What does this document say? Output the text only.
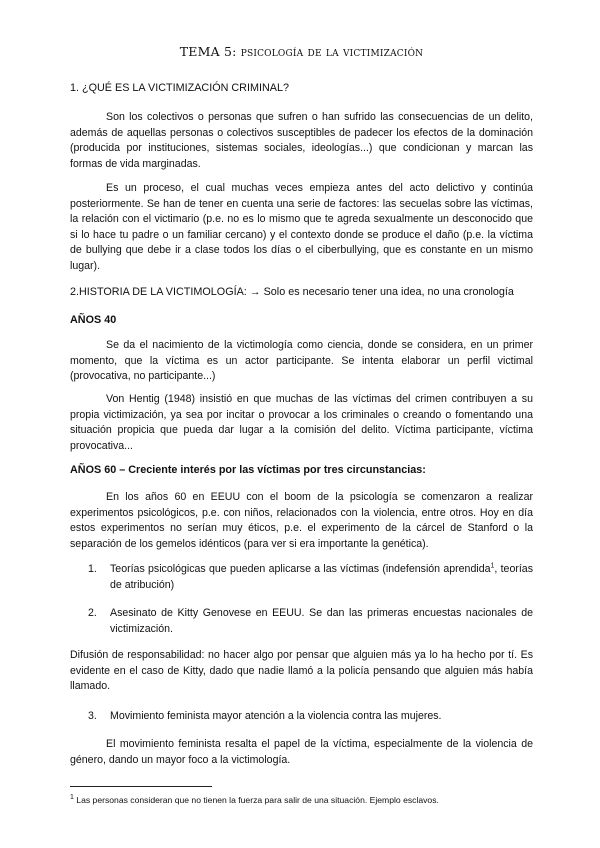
TEMA 5: psicología de la victimización

1. ¿QUÉ ES LA VICTIMIZACIÓN CRIMINAL?

Son los colectivos o personas que sufren o han sufrido las consecuencias de un delito, además de aquellas personas o colectivos susceptibles de padecer los efectos de la dominación (producida por instituciones, sistemas sociales, ideologías...) que condicionan y marcan las formas de vida marginadas.

Es un proceso, el cual muchas veces empieza antes del acto delictivo y continúa posteriormente. Se han de tener en cuenta una serie de factores: las secuelas sobre las víctimas, la relación con el victimario (p.e. no es lo mismo que te agreda sexualmente un desconocido que si lo hace tu padre o un familiar cercano) y el contexto donde se produce el daño (p.e. la víctima de bullying que debe ir a clase todos los días o el ciberbullying, que es constante en un mismo lugar).

2.HISTORIA DE LA VICTIMOLOGÍA: → Solo es necesario tener una idea, no una cronología

AÑOS 40

Se da el nacimiento de la victimología como ciencia, donde se considera, en un primer momento, que la víctima es un actor participante. Se intenta elaborar un perfil victimal (provocativa, no participante...)

Von Hentig (1948) insistió en que muchas de las víctimas del crimen contribuyen a su propia victimización, ya sea por incitar o provocar a los criminales o creando o fomentando una situación propicia que pueda dar lugar a la comisión del delito. Víctima participante, víctima provocativa...

AÑOS 60 – Creciente interés por las víctimas por tres circunstancias:

En los años 60 en EEUU con el boom de la psicología se comenzaron a realizar experimentos psicológicos, p.e. con niños, relacionados con la violencia, entre otros. Hoy en día estos experimentos no serían muy éticos, p.e. el experimento de la cárcel de Stanford o la separación de los gemelos idénticos (para ver si era importante la genética).

1.	Teorías psicológicas que pueden aplicarse a las víctimas (indefensión aprendida$^1$, teorías de atribución)
2.	Asesinato de Kitty Genovese en EEUU. Se dan las primeras encuestas nacionales de victimización.

Difusión de responsabilidad: no hacer algo por pensar que alguien más ya lo ha hecho por tí. Es evidente en el caso de Kitty, dado que nadie llamó a la policía pensando que alguien más había llamado.

3.	Movimiento feminista mayor atención a la violencia contra las mujeres.

El movimiento feminista resalta el papel de la víctima, especialmente de la violencia de género, dando un mayor foco a la victimología.

$^1$ Las personas consideran que no tienen la fuerza para salir de una situación. Ejemplo esclavos.
